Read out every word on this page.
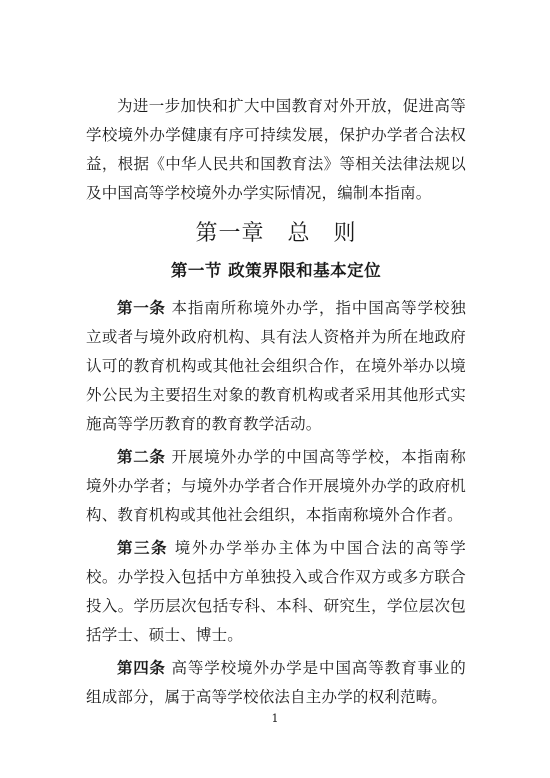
为进一步加快和扩大中国教育对外开放，促进高等学校境外办学健康有序可持续发展，保护办学者合法权益，根据《中华人民共和国教育法》等相关法律法规以及中国高等学校境外办学实际情况，编制本指南。

第一章　总　则
第一节 政策界限和基本定位

第一条 本指南所称境外办学，指中国高等学校独立或者与境外政府机构、具有法人资格并为所在地政府认可的教育机构或其他社会组织合作，在境外举办以境外公民为主要招生对象的教育机构或者采用其他形式实施高等学历教育的教育教学活动。

第二条 开展境外办学的中国高等学校，本指南称境外办学者；与境外办学者合作开展境外办学的政府机构、教育机构或其他社会组织，本指南称境外合作者。

第三条 境外办学举办主体为中国合法的高等学校。办学投入包括中方单独投入或合作双方或多方联合投入。学历层次包括专科、本科、研究生，学位层次包括学士、硕士、博士。

第四条 高等学校境外办学是中国高等教育事业的组成部分，属于高等学校依法自主办学的权利范畴。

1
